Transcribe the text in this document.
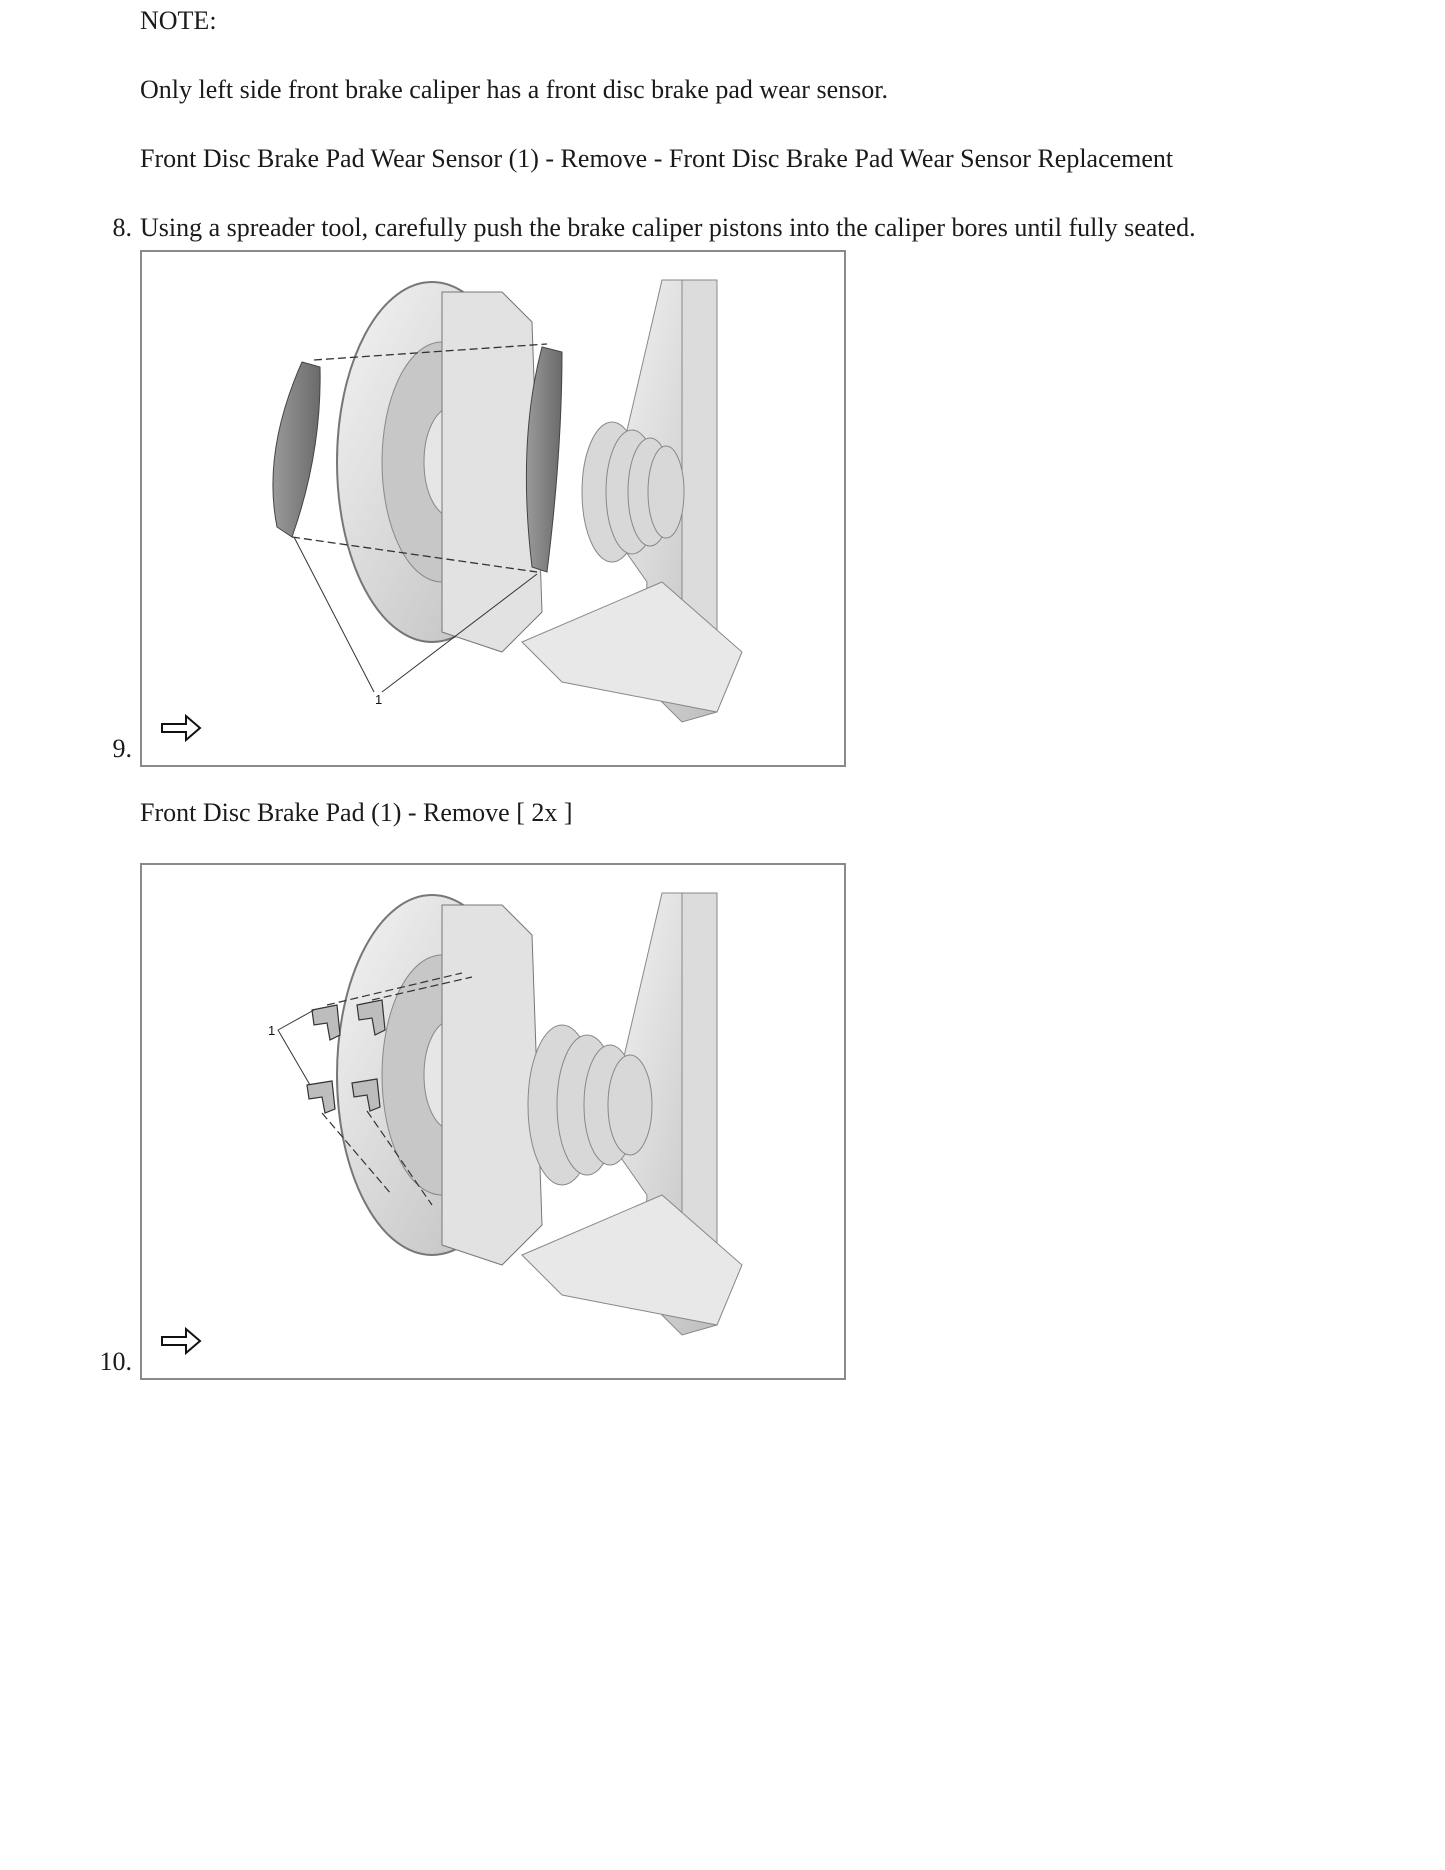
NOTE:
Only left side front brake caliper has a front disc brake pad wear sensor.
Front Disc Brake Pad Wear Sensor (1) - Remove - Front Disc Brake Pad Wear Sensor Replacement
8. Using a spreader tool, carefully push the brake caliper pistons into the caliper bores until fully seated.
1
9.
Front Disc Brake Pad (1) - Remove [ 2x ]
1
10.
